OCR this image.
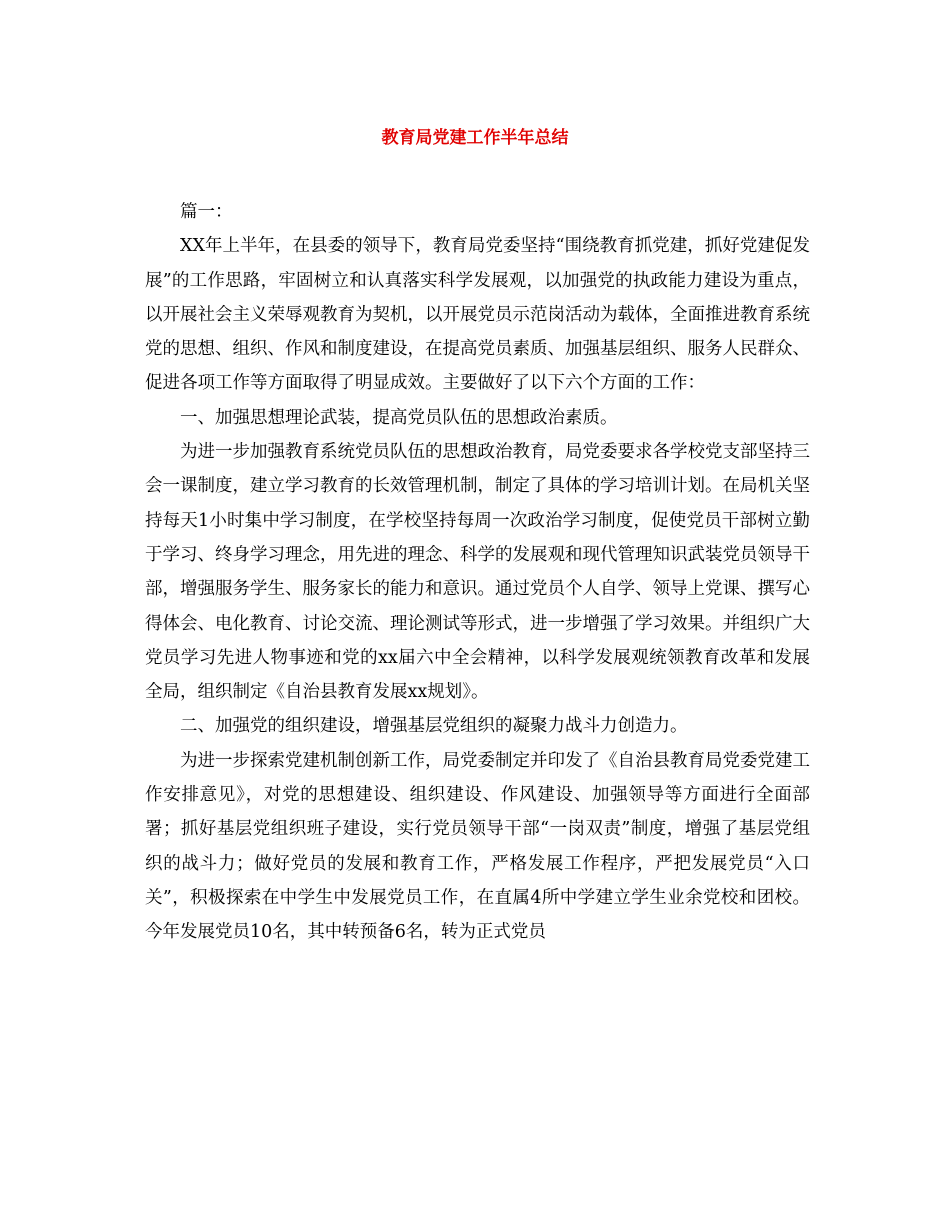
教育局党建工作半年总结

篇一：

XX年上半年，在县委的领导下，教育局党委坚持“围绕教育抓党建，抓好党建促发展”的工作思路，牢固树立和认真落实科学发展观，以加强党的执政能力建设为重点，以开展社会主义荣辱观教育为契机，以开展党员示范岗活动为载体，全面推进教育系统党的思想、组织、作风和制度建设，在提高党员素质、加强基层组织、服务人民群众、促进各项工作等方面取得了明显成效。主要做好了以下六个方面的工作：

一、加强思想理论武装，提高党员队伍的思想政治素质。

为进一步加强教育系统党员队伍的思想政治教育，局党委要求各学校党支部坚持三会一课制度，建立学习教育的长效管理机制，制定了具体的学习培训计划。在局机关坚持每天1小时集中学习制度，在学校坚持每周一次政治学习制度，促使党员干部树立勤于学习、终身学习理念，用先进的理念、科学的发展观和现代管理知识武装党员领导干部，增强服务学生、服务家长的能力和意识。通过党员个人自学、领导上党课、撰写心得体会、电化教育、讨论交流、理论测试等形式，进一步增强了学习效果。并组织广大党员学习先进人物事迹和党的xx届六中全会精神，以科学发展观统领教育改革和发展全局，组织制定《自治县教育发展xx规划》。

二、加强党的组织建设，增强基层党组织的凝聚力战斗力创造力。

为进一步探索党建机制创新工作，局党委制定并印发了《自治县教育局党委党建工作安排意见》，对党的思想建设、组织建设、作风建设、加强领导等方面进行全面部署；抓好基层党组织班子建设，实行党员领导干部“一岗双责”制度，增强了基层党组织的战斗力；做好党员的发展和教育工作，严格发展工作程序，严把发展党员“入口关”，积极探索在中学生中发展党员工作，在直属4所中学建立学生业余党校和团校。今年发展党员10名，其中转预备6名，转为正式党员
